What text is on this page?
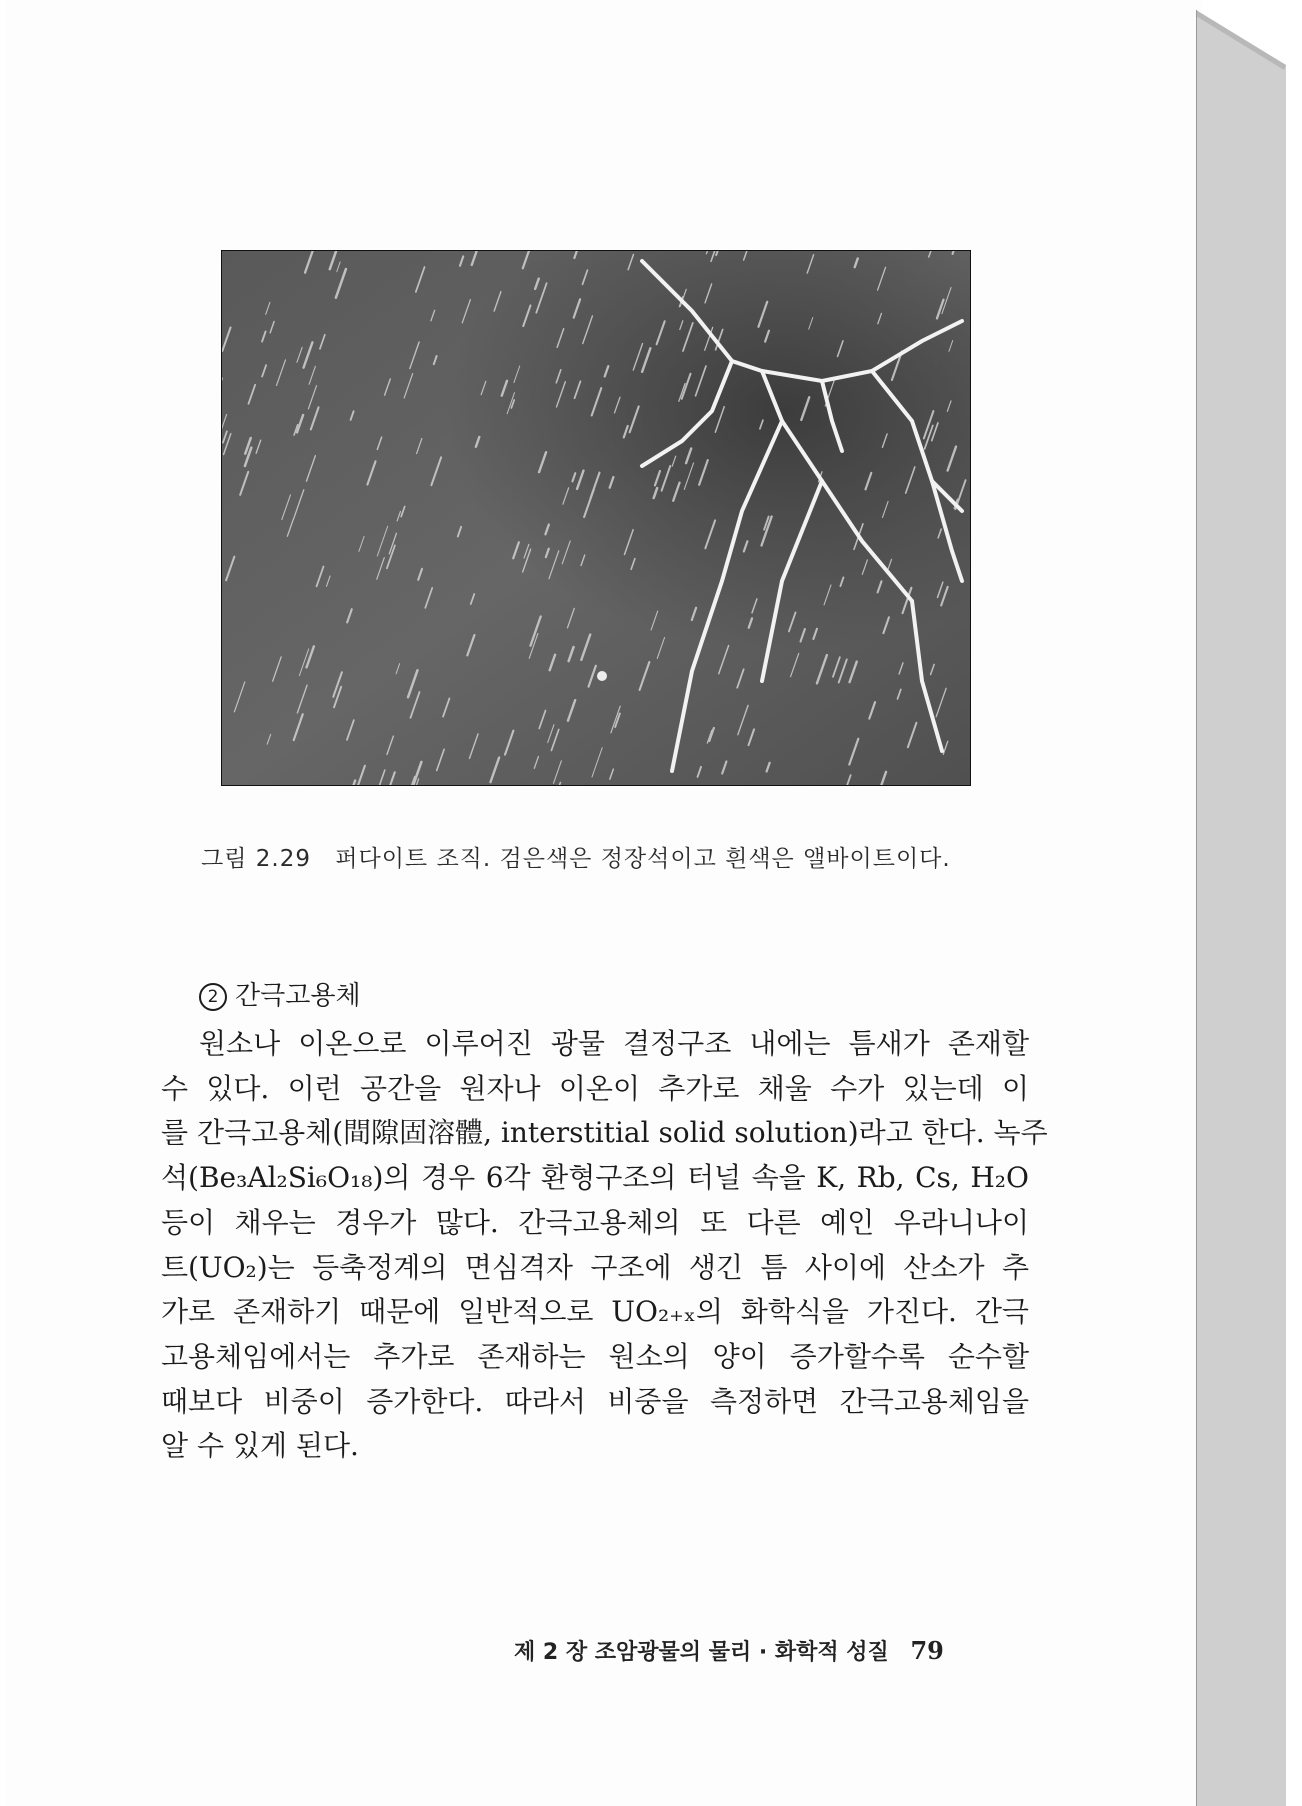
그림 2.29 퍼다이트 조직. 검은색은 정장석이고 흰색은 앨바이트이다.
2 간극고용체
원소나 이온으로 이루어진 광물 결정구조 내에는 틈새가 존재할
수 있다. 이런 공간을 원자나 이온이 추가로 채울 수가 있는데 이
를 간극고용체(間隙固溶體, interstitial solid solution)라고 한다. 녹주
석(Be₃Al₂Si₆O₁₈)의 경우 6각 환형구조의 터널 속을 K, Rb, Cs, H₂O
등이 채우는 경우가 많다. 간극고용체의 또 다른 예인 우라니나이
트(UO₂)는 등축정계의 면심격자 구조에 생긴 틈 사이에 산소가 추
가로 존재하기 때문에 일반적으로 UO₂₊ₓ의 화학식을 가진다. 간극
고용체임에서는 추가로 존재하는 원소의 양이 증가할수록 순수할
때보다 비중이 증가한다. 따라서 비중을 측정하면 간극고용체임을
알 수 있게 된다.
제 2 장 조암광물의 물리 · 화학적 성질 79
